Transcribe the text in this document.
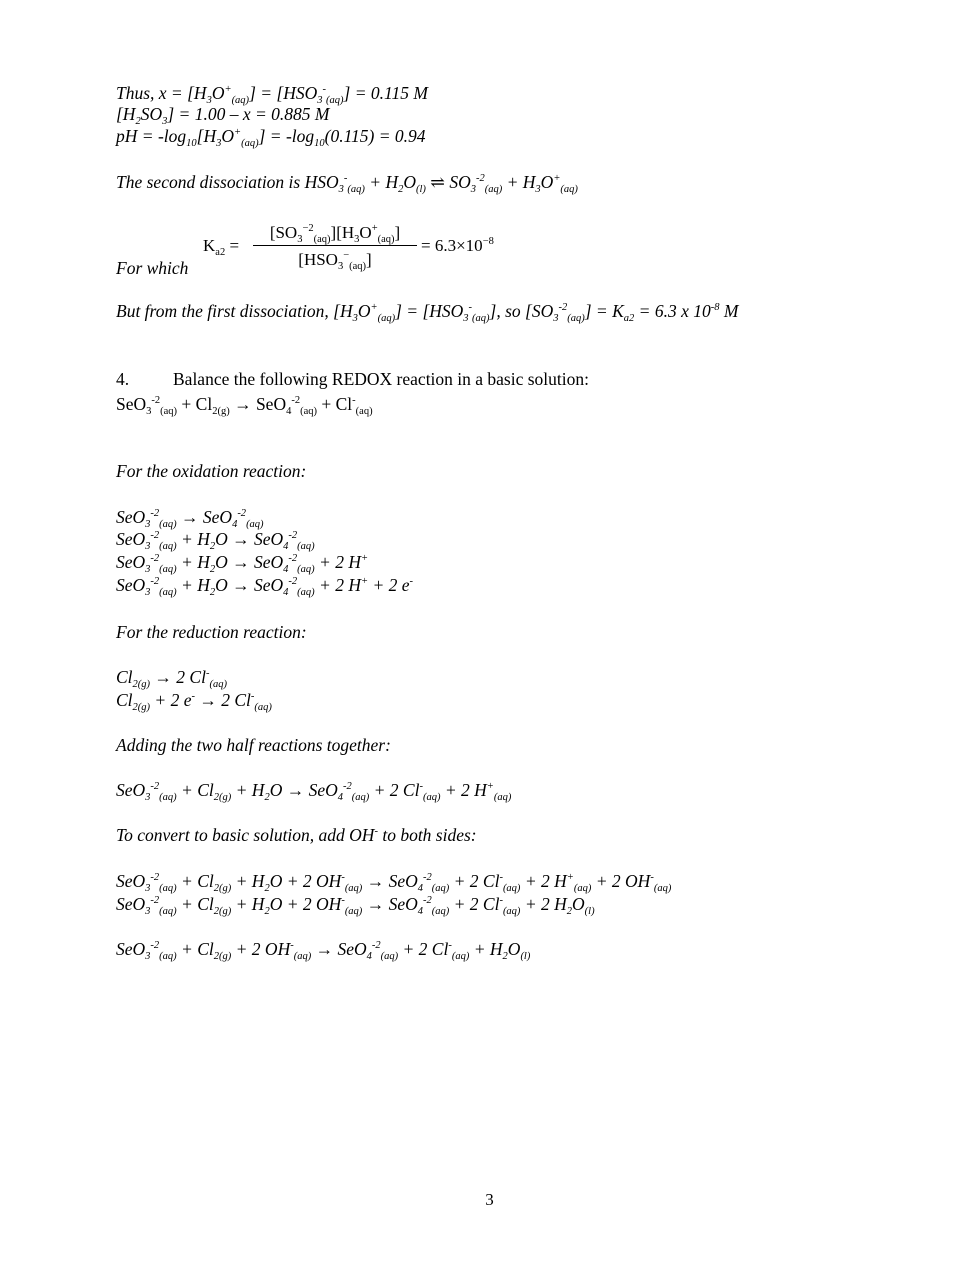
Thus, $x = [H_3O^+_{(aq)}] = [HSO_3^-_{(aq)}] = 0.115$ M
$[H_2SO_3] = 1.00 - x = 0.885$ M
pH = $-\log_{10}[H_3O^+_{(aq)}] = -\log_{10}(0.115) = 0.94$
The second dissociation is $HSO_3^-_{(aq)} + H_2O_{(l)}$ ⇌ $SO_3^{-2}_{(aq)} + H_3O^+_{(aq)}$
$K_{a2}$ =
$[SO_3^{-2}_{(aq)}][H_3O^+_{(aq)}]$
$[HSO_3^-_{(aq)}]$
= $6.3\times 10^{-8}$
For which
But from the first dissociation, $[H_3O^+_{(aq)}] = [HSO_3^-_{(aq)}]$, so $[SO_3^{-2}_{(aq)}] = K_{a2} = 6.3$ x $10^{-8}$ M
4.	Balance the following REDOX reaction in a basic solution:
$SeO_3^{-2}_{(aq)} + Cl_{2(g)} \to SeO_4^{-2}_{(aq)} + Cl^-_{(aq)}$
For the oxidation reaction:
SeO$_3^{-2}_{(aq)}$ → SeO$_4^{-2}_{(aq)}$
$SeO_3^{-2}_{(aq)} + H_2O \to SeO_4^{-2}_{(aq)}$
$SeO_3^{-2}_{(aq)} + H_2O \to SeO_4^{-2}_{(aq)} + 2$ H+
$SeO_3^{-2}_{(aq)} + H_2O \to SeO_4^{-2}_{(aq)} + 2$ H+ + 2 e-
For the reduction reaction:
$Cl_{2(g)} \to 2$ $Cl^-_{(aq)}$
$Cl_{2(g)} + 2$ e- → 2 $Cl^-_{(aq)}$
Adding the two half reactions together:
$SeO_3^{-2}_{(aq)} + Cl_{2(g)} + H_2O \to SeO_4^{-2}_{(aq)} + 2$ $Cl^-_{(aq)} + 2$ $H^+_{(aq)}$
To convert to basic solution, add OH- to both sides:
$SeO_3^{-2}_{(aq)} + Cl_{2(g)} + H_2O + 2$ $OH^-_{(aq)} \to SeO_4^{-2}_{(aq)} + 2$ $Cl^-_{(aq)} + 2$ $H^+_{(aq)} + 2$ $OH^-_{(aq)}$
$SeO_3^{-2}_{(aq)} + Cl_{2(g)} + H_2O + 2$ $OH^-_{(aq)} \to SeO_4^{-2}_{(aq)} + 2$ $Cl^-_{(aq)} + 2$ $H_2O_{(l)}$
$SeO_3^{-2}_{(aq)} + Cl_{2(g)} + 2$ $OH^-_{(aq)} \to SeO_4^{-2}_{(aq)} + 2$ $Cl^-_{(aq)} + H_2O_{(l)}$
3
